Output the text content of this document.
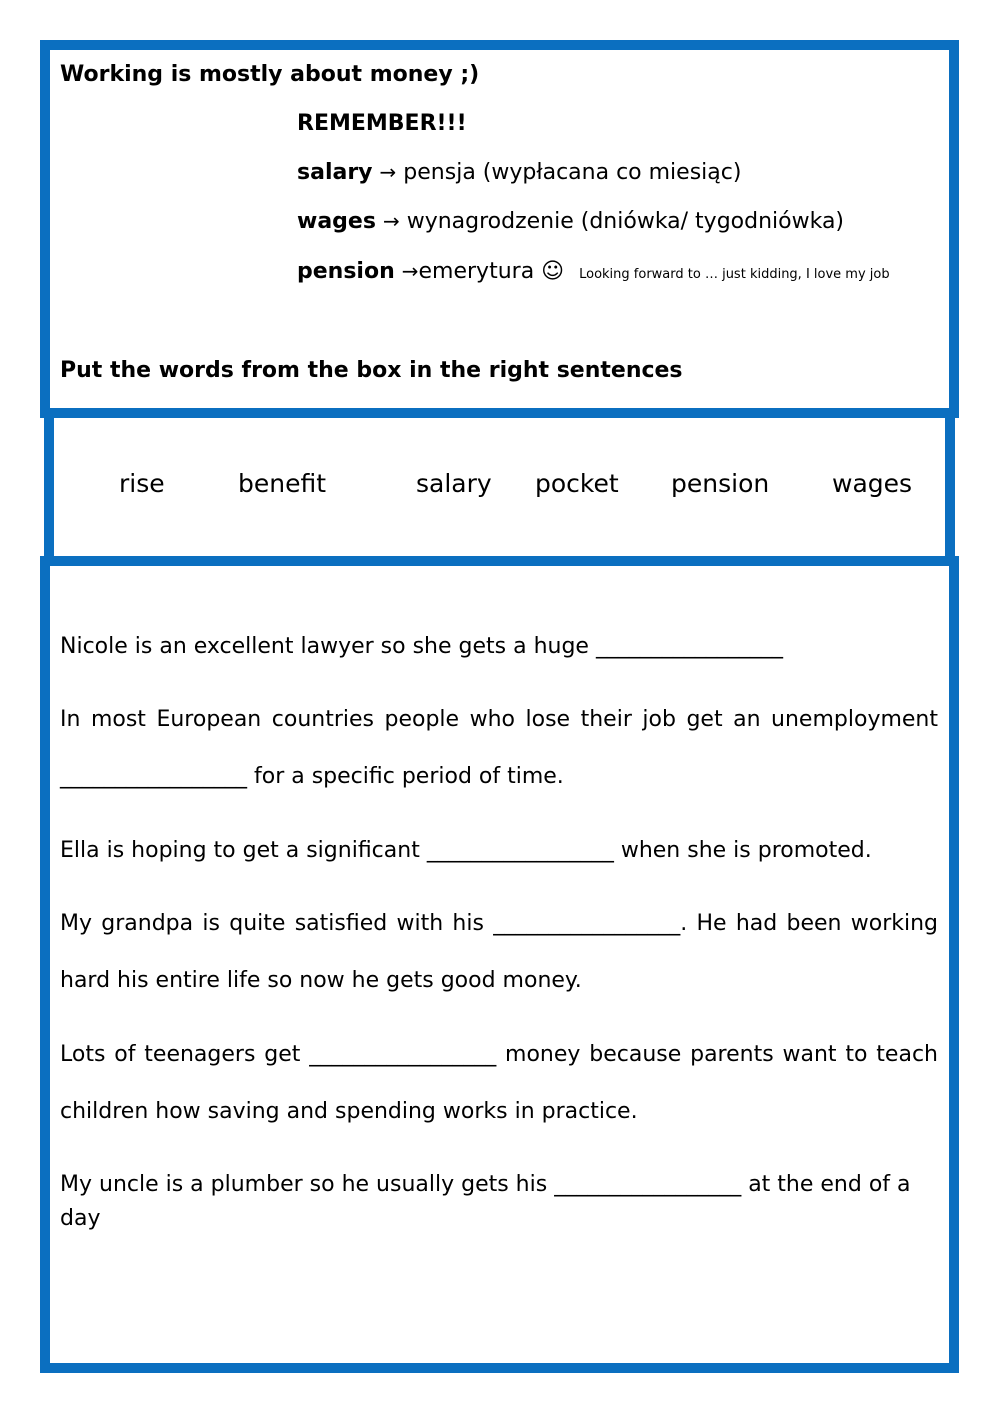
Working is mostly about money ;)
REMEMBER!!!
salary → pensja (wypłacana co miesiąc)
wages → wynagrodzenie (dniówka/ tygodniówka)
pension →emerytura ☺ Looking forward to … just kidding, I love my job
Put the words from the box in the right sentences
rise	benefit	salary pocket pension	wages
Nicole is an excellent lawyer so she gets a huge _________________
In most European countries people who lose their job get an unemployment
_________________ for a specific period of time.
Ella is hoping to get a significant _________________ when she is promoted.
My grandpa is quite satisfied with his _________________. He had been working
hard his entire life so now he gets good money.
Lots of teenagers get _________________ money because parents want to teach
children how saving and spending works in practice.
My uncle is a plumber so he usually gets his _________________ at the end of a day
